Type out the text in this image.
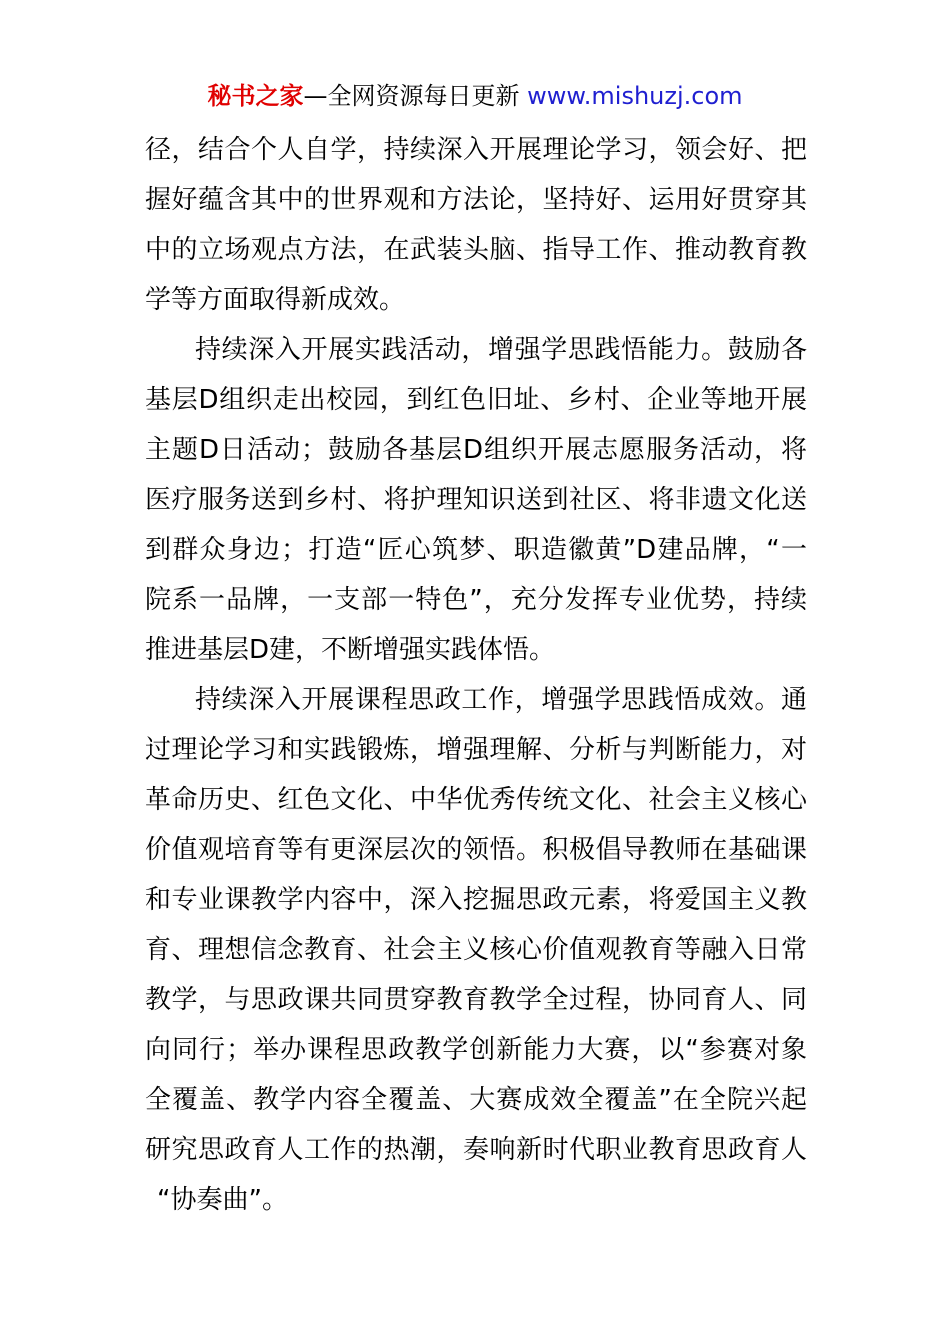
秘书之家—全网资源每日更新 www.mishuzj.com
径，结合个人自学，持续深入开展理论学习，领会好、把
握好蕴含其中的世界观和方法论，坚持好、运用好贯穿其
中的立场观点方法，在武装头脑、指导工作、推动教育教
学等方面取得新成效。
持续深入开展实践活动，增强学思践悟能力。鼓励各
基层D组织走出校园，到红色旧址、乡村、企业等地开展
主题D日活动；鼓励各基层D组织开展志愿服务活动，将
医疗服务送到乡村、将护理知识送到社区、将非遗文化送
到群众身边；打造“匠心筑梦、职造徽黄”D建品牌，“一
院系一品牌，一支部一特色”，充分发挥专业优势，持续
推进基层D建，不断增强实践体悟。
持续深入开展课程思政工作，增强学思践悟成效。通
过理论学习和实践锻炼，增强理解、分析与判断能力，对
革命历史、红色文化、中华优秀传统文化、社会主义核心
价值观培育等有更深层次的领悟。积极倡导教师在基础课
和专业课教学内容中，深入挖掘思政元素，将爱国主义教
育、理想信念教育、社会主义核心价值观教育等融入日常
教学，与思政课共同贯穿教育教学全过程，协同育人、同
向同行；举办课程思政教学创新能力大赛，以“参赛对象
全覆盖、教学内容全覆盖、大赛成效全覆盖”在全院兴起
研究思政育人工作的热潮，奏响新时代职业教育思政育人
“协奏曲”。
